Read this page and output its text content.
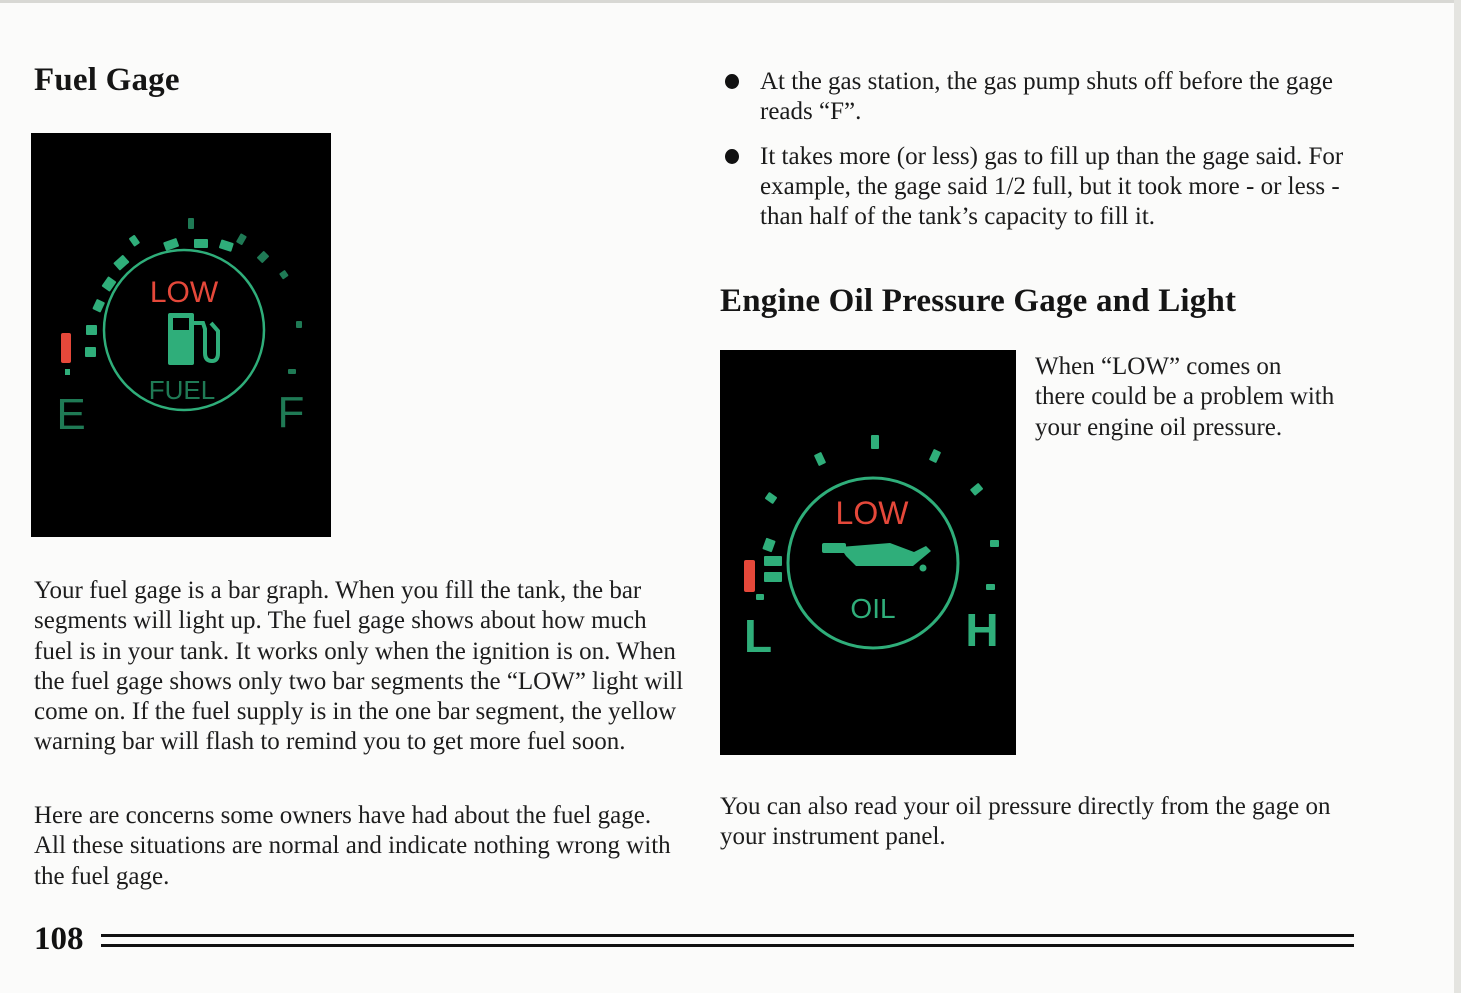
Fuel Gage
LOW
FUEL
E	F

Your fuel gage is a bar graph. When you fill the tank, the bar segments will light up. The fuel gage shows about how much fuel is in your tank. It works only when the ignition is on. When the fuel gage shows only two bar segments the “LOW” light will come on. If the fuel supply is in the one bar segment, the yellow warning bar will flash to remind you to get more fuel soon.

Here are concerns some owners have had about the fuel gage. All these situations are normal and indicate nothing wrong with the fuel gage.

At the gas station, the gas pump shuts off before the gage reads “F”.
It takes more (or less) gas to fill up than the gage said. For example, the gage said 1/2 full, but it took more - or less - than half of the tank’s capacity to fill it.
Engine Oil Pressure Gage and Light
LOW
OIL
L	H

When “LOW” comes on there could be a problem with your engine oil pressure.

You can also read your oil pressure directly from the gage on your instrument panel.

108
